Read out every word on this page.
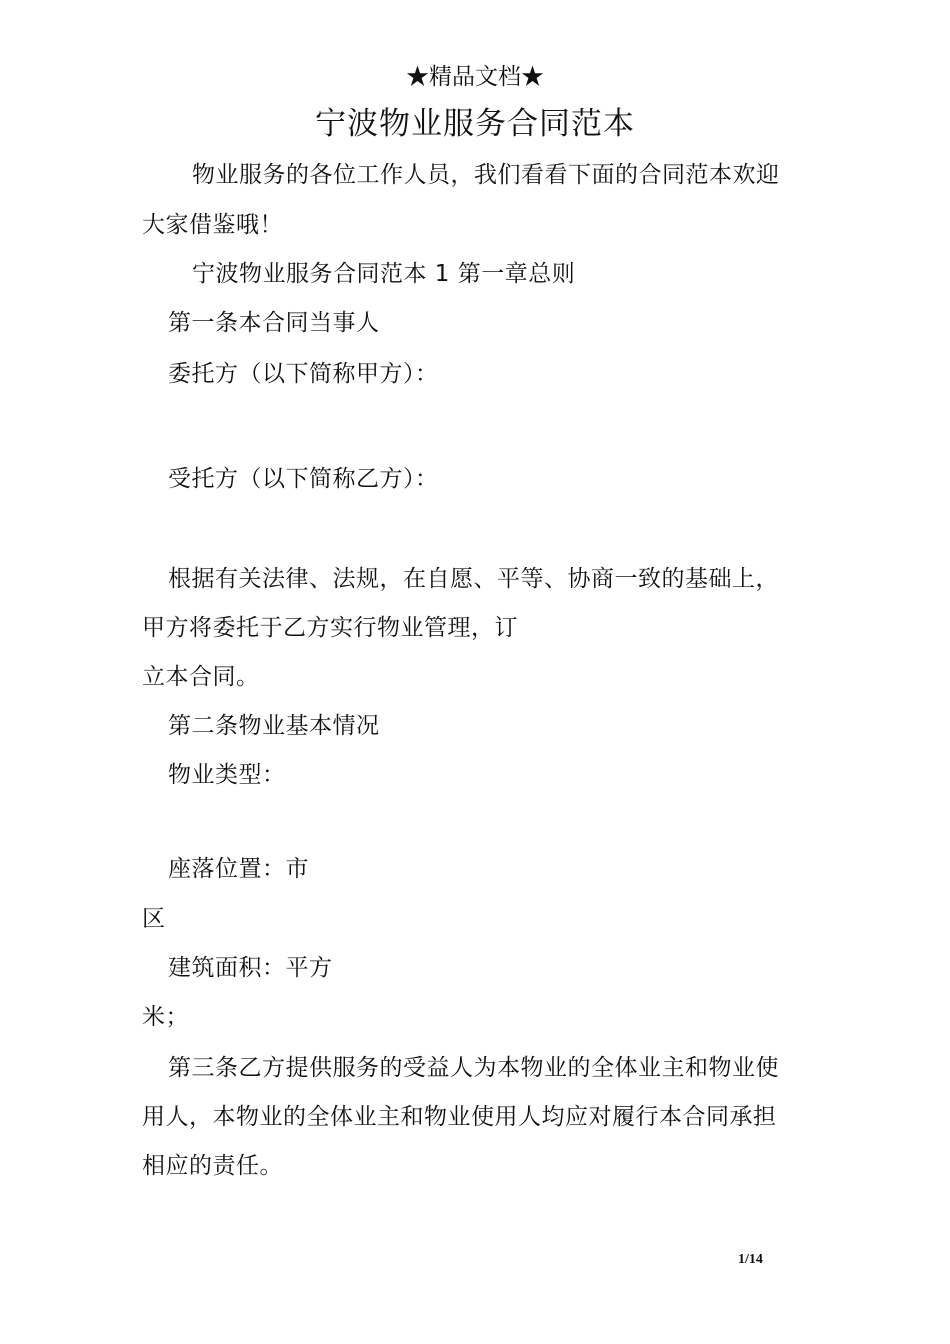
★精品文档★
宁波物业服务合同范本
物业服务的各位工作人员，我们看看下面的合同范本欢迎
大家借鉴哦！
宁波物业服务合同范本 1 第一章总则
第一条本合同当事人
委托方（以下简称甲方）：
受托方（以下简称乙方）：
根据有关法律、法规，在自愿、平等、协商一致的基础上，
甲方将委托于乙方实行物业管理，订
立本合同。
第二条物业基本情况
物业类型：
座落位置：市
区
建筑面积：平方
米；
第三条乙方提供服务的受益人为本物业的全体业主和物业使
用人，本物业的全体业主和物业使用人均应对履行本合同承担
相应的责任。
1/14
